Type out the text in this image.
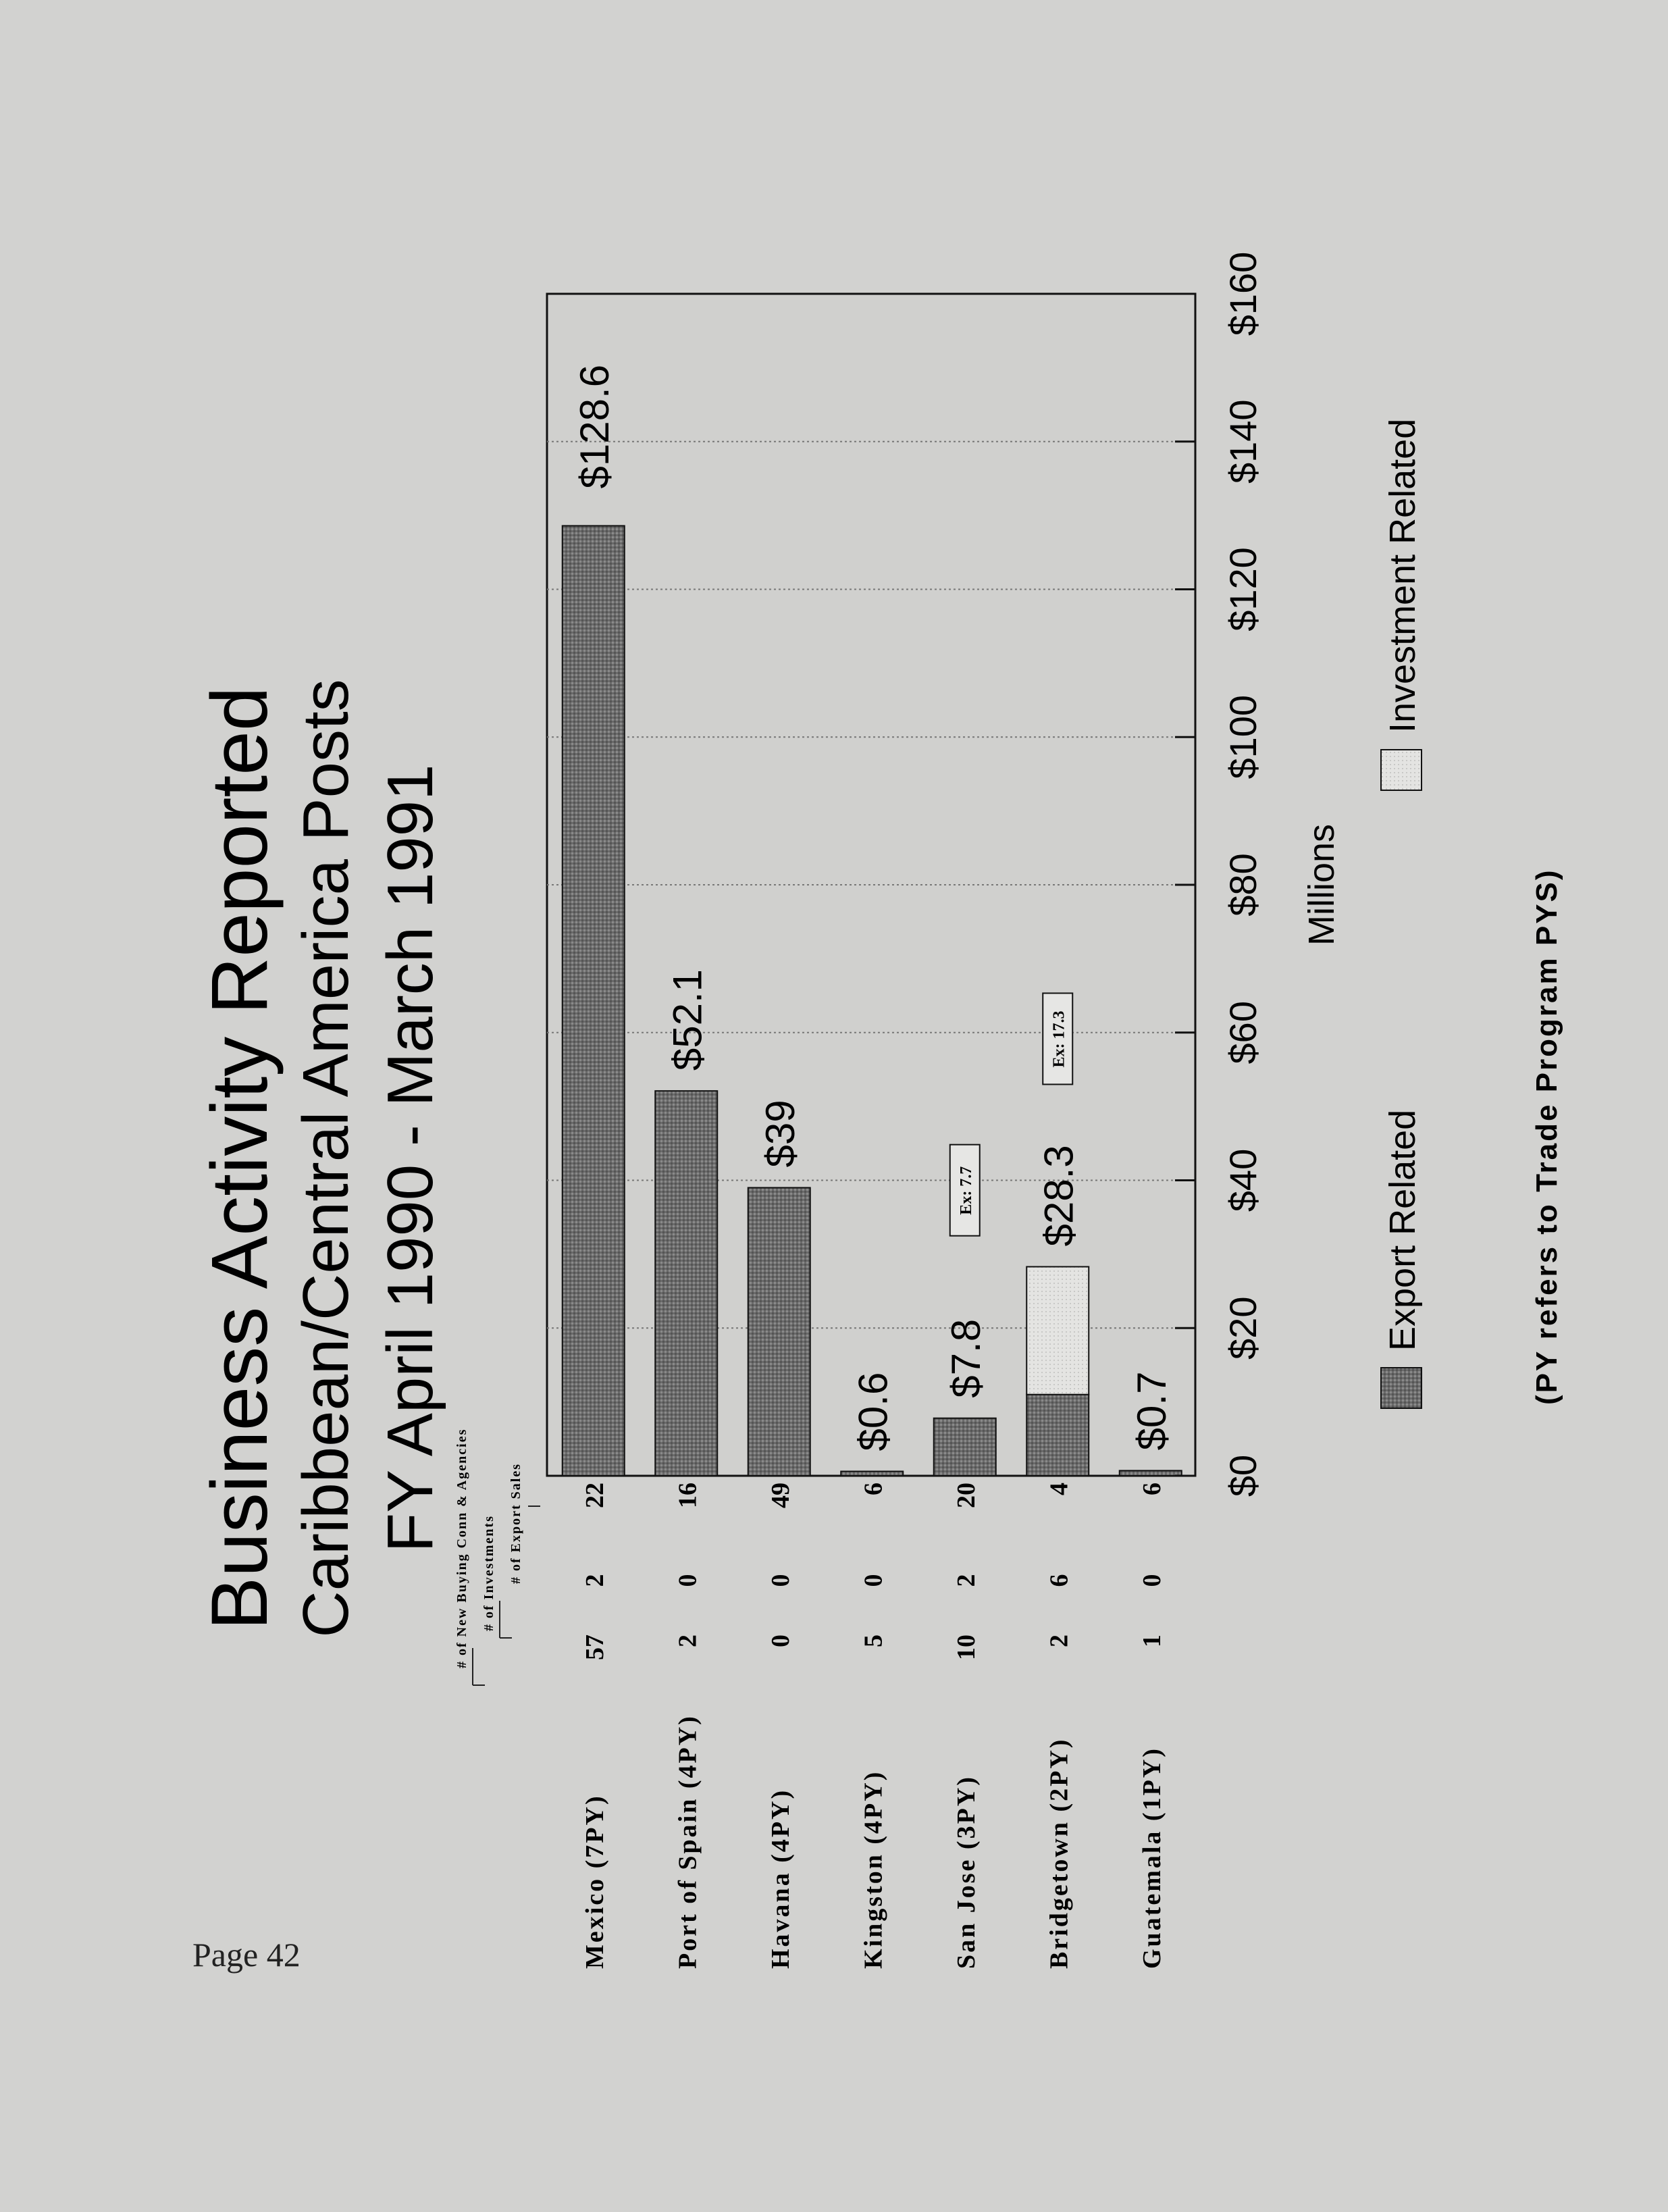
Business Activity Reported Caribbean/Central America Posts FY April 1990 - March 1991 # of New Buying Conn & Agencies # of Investments # of Export Sales
Mexico (7PY)
57
2
22
Port of Spain (4PY)
2
0
16
Havana (4PY)
0
0
49
Kingston (4PY)
5
0
6
San Jose (3PY)
10
2
20
Bridgetown (2PY)
2
6
4
Guatemala (1PY)
1
0
6
$128.6
$52.1
$39
$0.6
$7.8
$28.3
$0.7
Ex: 7.7
Ex: 17.3
$0
$20
$40
$60
$80
$100
$120
$140
$160
Millions
Export Related
Investment Related
(PY refers to Trade Program PYS)
Page 42
